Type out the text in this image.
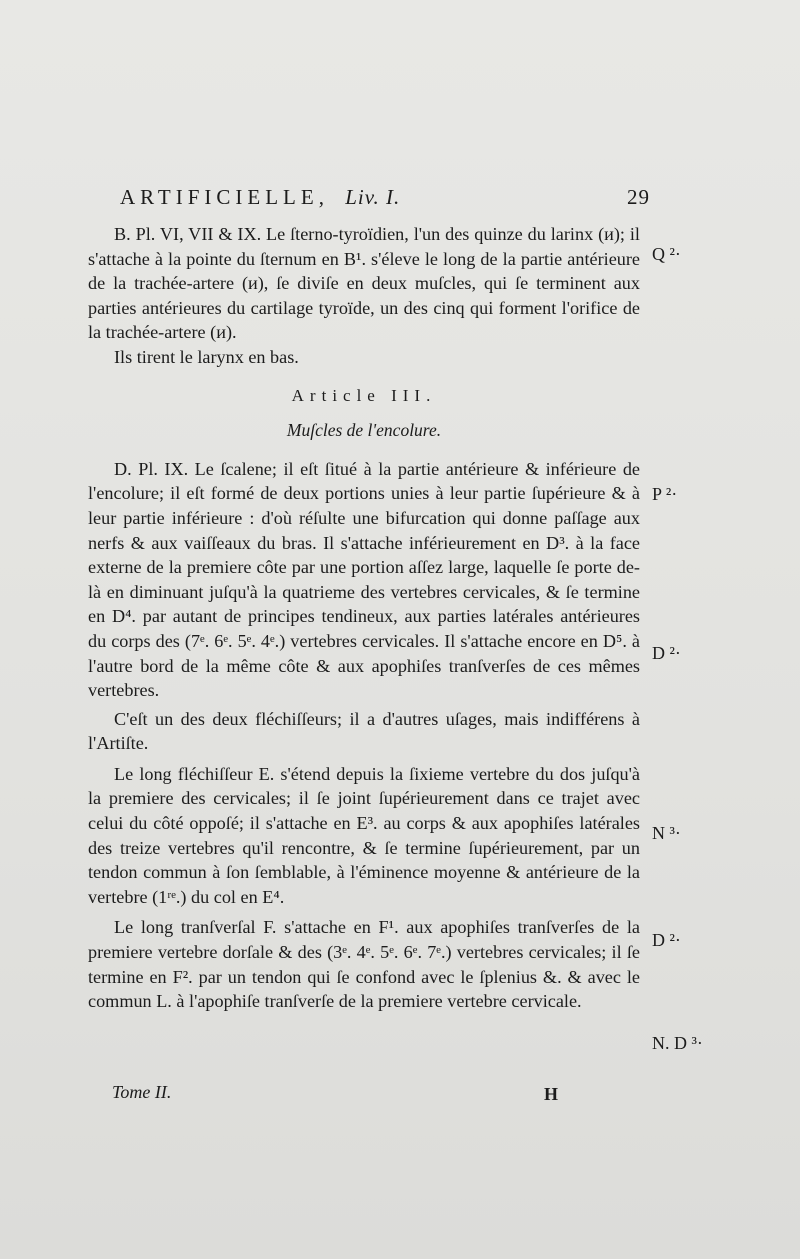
ARTIFICIELLE, Liv. I.	29

B. Pl. VI, VII & IX. Le ſterno-tyroïdien, l'un des quinze du larinx (ᴎ); il s'attache à la pointe du ſternum en B¹. s'éleve le long de la partie antérieure de la trachée-artere (ᴎ), ſe diviſe en deux muſcles, qui ſe terminent aux parties antérieures du cartilage tyroïde, un des cinq qui forment l'orifice de la trachée-artere (ᴎ).

Ils tirent le larynx en bas.

Article III.

Muſcles de l'encolure.

D. Pl. IX. Le ſcalene; il eſt ſitué à la partie antérieure & inférieure de l'encolure; il eſt formé de deux portions unies à leur partie ſupérieure & à leur partie inférieure : d'où réſulte une bifurcation qui donne paſſage aux nerfs & aux vaiſſeaux du bras. Il s'attache inférieurement en D³. à la face externe de la premiere côte par une portion aſſez large, laquelle ſe porte de-là en diminuant juſqu'à la quatrieme des vertebres cervicales, & ſe termine en D⁴. par autant de principes tendineux, aux parties latérales antérieures du corps des (7ᵉ. 6ᵉ. 5ᵉ. 4ᵉ.) vertebres cervicales. Il s'attache encore en D⁵. à l'autre bord de la même côte & aux apophiſes tranſverſes de ces mêmes vertebres.

C'eſt un des deux fléchiſſeurs; il a d'autres uſages, mais indifférens à l'Artiſte.

Le long fléchiſſeur E. s'étend depuis la ſixieme vertebre du dos juſqu'à la premiere des cervicales; il ſe joint ſupérieurement dans ce trajet avec celui du côté oppoſé; il s'attache en E³. au corps & aux apophiſes latérales des treize vertebres qu'il rencontre, & ſe termine ſupérieurement, par un tendon commun à ſon ſemblable, à l'éminence moyenne & antérieure de la vertebre (1ʳᵉ.) du col en E⁴.

Le long tranſverſal F. s'attache en F¹. aux apophiſes tranſverſes de la premiere vertebre dorſale & des (3ᵉ. 4ᵉ. 5ᵉ. 6ᵉ. 7ᵉ.) vertebres cervicales; il ſe termine en F². par un tendon qui ſe confond avec le ſplenius &. & avec le commun L. à l'apophiſe tranſverſe de la premiere vertebre cervicale.

Q ²·
P ²·
D ²·
N ³·
D ²·
N. D ³·
Tome II.	H
